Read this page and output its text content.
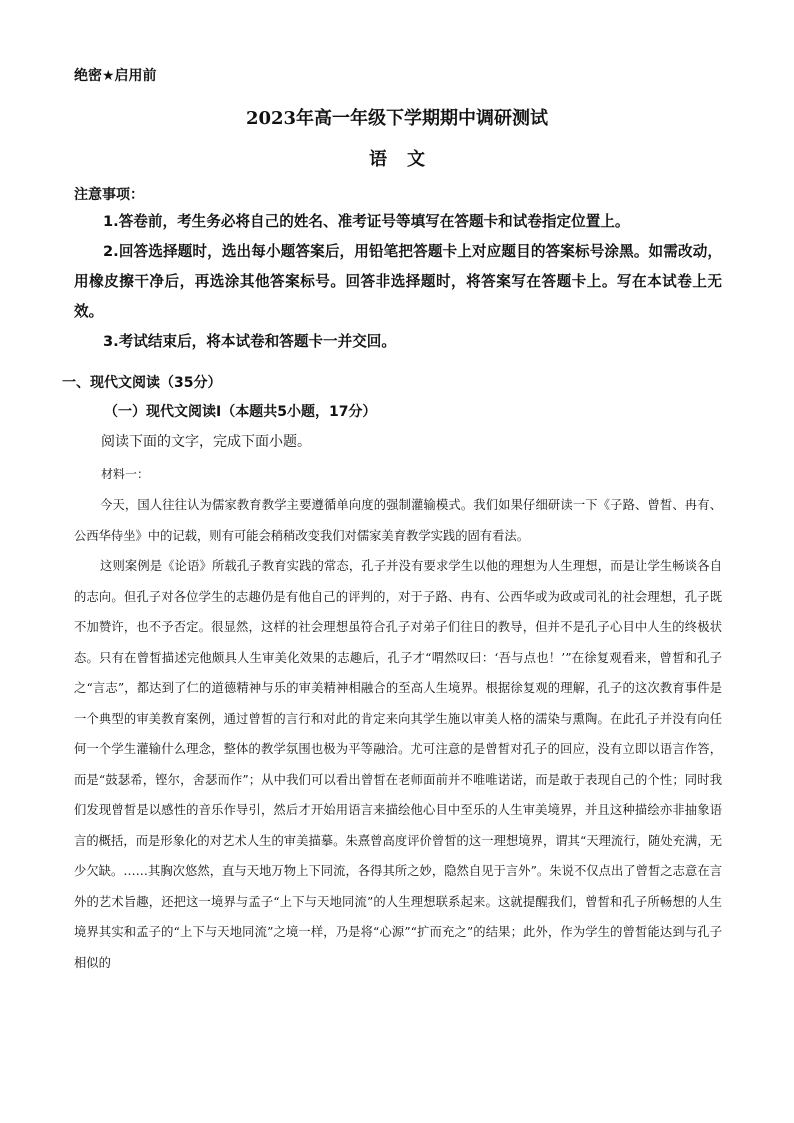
绝密★启用前
2023年高一年级下学期期中调研测试
语文
注意事项：
1.答卷前，考生务必将自己的姓名、准考证号等填写在答题卡和试卷指定位置上。
2.回答选择题时，选出每小题答案后，用铅笔把答题卡上对应题目的答案标号涂黑。如需改动，用橡皮擦干净后，再选涂其他答案标号。回答非选择题时，将答案写在答题卡上。写在本试卷上无效。
3.考试结束后，将本试卷和答题卡一并交回。
一、现代文阅读（35分）
（一）现代文阅读Ⅰ（本题共5小题，17分）
阅读下面的文字，完成下面小题。
材料一：
今天，国人往往认为儒家教育教学主要遵循单向度的强制灌输模式。我们如果仔细研读一下《子路、曾皙、冉有、公西华侍坐》中的记载，则有可能会稍稍改变我们对儒家美育教学实践的固有看法。
这则案例是《论语》所载孔子教育实践的常态，孔子并没有要求学生以他的理想为人生理想，而是让学生畅谈各自的志向。但孔子对各位学生的志趣仍是有他自己的评判的，对于子路、冉有、公西华或为政或司礼的社会理想，孔子既不加赞许，也不予否定。很显然，这样的社会理想虽符合孔子对弟子们往日的教导，但并不是孔子心目中人生的终极状态。只有在曾皙描述完他颇具人生审美化效果的志趣后，孔子才“喟然叹曰：‘吾与点也！’”在徐复观看来，曾皙和孔子之“言志”，都达到了仁的道德精神与乐的审美精神相融合的至高人生境界。根据徐复观的理解，孔子的这次教育事件是一个典型的审美教育案例，通过曾皙的言行和对此的肯定来向其学生施以审美人格的濡染与熏陶。在此孔子并没有向任何一个学生灌输什么理念，整体的教学氛围也极为平等融洽。尤可注意的是曾皙对孔子的回应，没有立即以语言作答，而是“鼓瑟希，铿尔，舍瑟而作”；从中我们可以看出曾皙在老师面前并不唯唯诺诺，而是敢于表现自己的个性；同时我们发现曾皙是以感性的音乐作导引，然后才开始用语言来描绘他心目中至乐的人生审美境界，并且这种描绘亦非抽象语言的概括，而是形象化的对艺术人生的审美描摹。朱熹曾高度评价曾皙的这一理想境界，谓其“天理流行，随处充满，无少欠缺。……其胸次悠然，直与天地万物上下同流，各得其所之妙，隐然自见于言外”。朱说不仅点出了曾皙之志意在言外的艺术旨趣，还把这一境界与孟子“上下与天地同流”的人生理想联系起来。这就提醒我们，曾皙和孔子所畅想的人生境界其实和孟子的“上下与天地同流”之境一样，乃是将“心源”“扩而充之”的结果；此外，作为学生的曾皙能达到与孔子相似的
